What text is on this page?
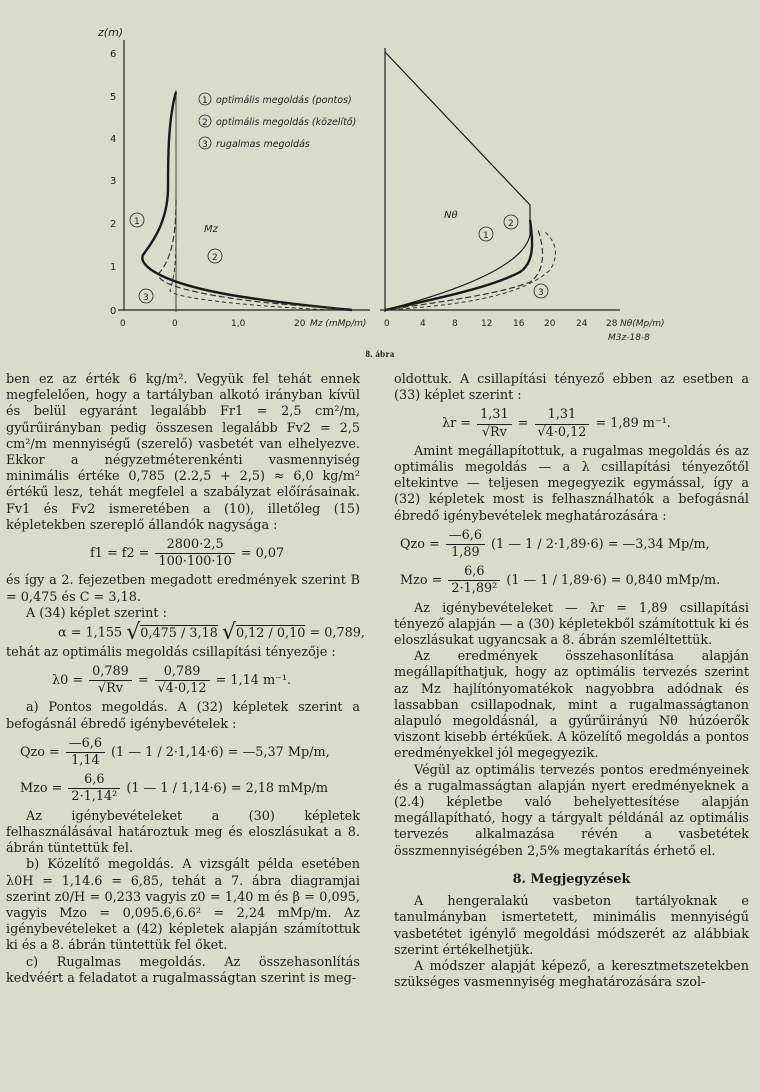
z(m)
0
1
2
3
4
5
6
0	0	1,0	20 Mz (mMp/m)
Mz
1 optimális megoldás (pontos)
2 optimális megoldás (közelítő)
3 rugalmas megoldás
1
2
3
Nθ
0	4	8	12 16 20 24 28 Nθ(Mp/m)
M3z-18-8
1
2
3
8. ábra

ben ez az érték 6 kg/m². Vegyük fel tehát ennek megfelelően, hogy a tartályban alkotó irányban kívül és belül egyaránt legalább Fr1 = 2,5 cm²/m, gyűrűirányban pedig összesen legalább Fv2 = 2,5 cm²/m mennyiségű (szerelő) vasbetét van elhelyezve. Ekkor a négyzetméterenkénti vasmennyiség minimális értéke 0,785 (2.2,5 + 2,5) ≈ 6,0 kg/m² értékű lesz, tehát megfelel a szabályzat előírásainak. Fv1 és Fv2 ismeretében a (10), illetőleg (15) képletekben szereplő állandók nagysága :

$f1 = f2 = \frac{2800\cdot 2,5}{100\cdot 100\cdot 10} = 0,07$

és így a 2. fejezetben megadott eredmények szerint B = 0,475 és C = 3,18.

A (34) képlet szerint :

α = 1,155 √0,475 / 3,18 √0,12 / 0,10 = 0,789,

tehát az optimális megoldás csillapítási tényezője :

$\lambda 0 = \frac{0,789}{√Rv} = \frac{0,789}{√4\cdot 0,12} = 1,14$ m⁻¹.

a) Pontos megoldás. A (32) képletek szerint a befogásnál ébredő igénybevételek :

Qzo = $\frac{—6,6}{1,14} (1$ — 1 / 2·1,14·6) = —5,37 Mp/m,
Mzo = $\frac{6,6}{\text{2·1,14²}} (1$ — 1 / 1,14·6) = 2,18 mMp/m

Az igénybevételeket a (30) képletek felhasználásával határoztuk meg és eloszlásukat a 8. ábrán tüntettük fel.

b) Közelítő megoldás. A vizsgált példa esetében λ0H = 1,14.6 = 6,85, tehát a 7. ábra diagramjai szerint z0/H = 0,233 vagyis z0 = 1,40 m és β = 0,095, vagyis Mzo = 0,095.6,6.6² = 2,24 mMp/m. Az igénybevételeket a (42) képletek alapján számítottuk ki és a 8. ábrán tüntettük fel őket.

c) Rugalmas megoldás. Az összehasonlítás kedvéért a feladatot a rugalmasságtan szerint is meg-

oldottuk. A csillapítási tényező ebben az esetben a (33) képlet szerint :

$\lambda r = \frac{1,31}{√Rv} = \frac{1,31}{√4\cdot 0,12} = 1,89$ m⁻¹.

Amint megállapítottuk, a rugalmas megoldás és az optimális megoldás — a λ csillapítási tényezőtől eltekintve — teljesen megegyezik egymással, így a (32) képletek most is felhasználhatók a befogásnál ébredő igénybevételek meghatározására :

Qzo = $\frac{—6,6}{1,89} (1$ — 1 / 2·1,89·6) = —3,34 Mp/m,
Mzo = $\frac{6,6}{\text{2·1,89²}} (1$ — 1 / 1,89·6) = 0,840 mMp/m.

Az igénybevételeket — λr = 1,89 csillapítási tényező alapján — a (30) képletekből számítottuk ki és eloszlásukat ugyancsak a 8. ábrán szemléltettük.

Az eredmények összehasonlítása alapján megállapíthatjuk, hogy az optimális tervezés szerint az Mz hajlítónyomatékok nagyobbra adódnak és lassabban csillapodnak, mint a rugalmasságtanon alapuló megoldásnál, a gyűrűirányú Nθ húzóerők viszont kisebb értékűek. A közelítő megoldás a pontos eredményekkel jól megegyezik.

Végül az optimális tervezés pontos eredményeinek és a rugalmasságtan alapján nyert eredményeknek a (2.4) képletbe való behelyettesítése alapján megállapítható, hogy a tárgyalt példánál az optimális tervezés alkalmazása révén a vasbetétek összmennyiségében 2,5% megtakarítás érhető el.

8. Megjegyzések

A hengeralakú vasbeton tartályoknak e tanulmányban ismertetett, minimális mennyiségű vasbetétet igénylő megoldási módszerét az alábbiak szerint értékelhetjük.

A módszer alapját képező, a keresztmetszetekben szükséges vasmennyiség meghatározására szol-
